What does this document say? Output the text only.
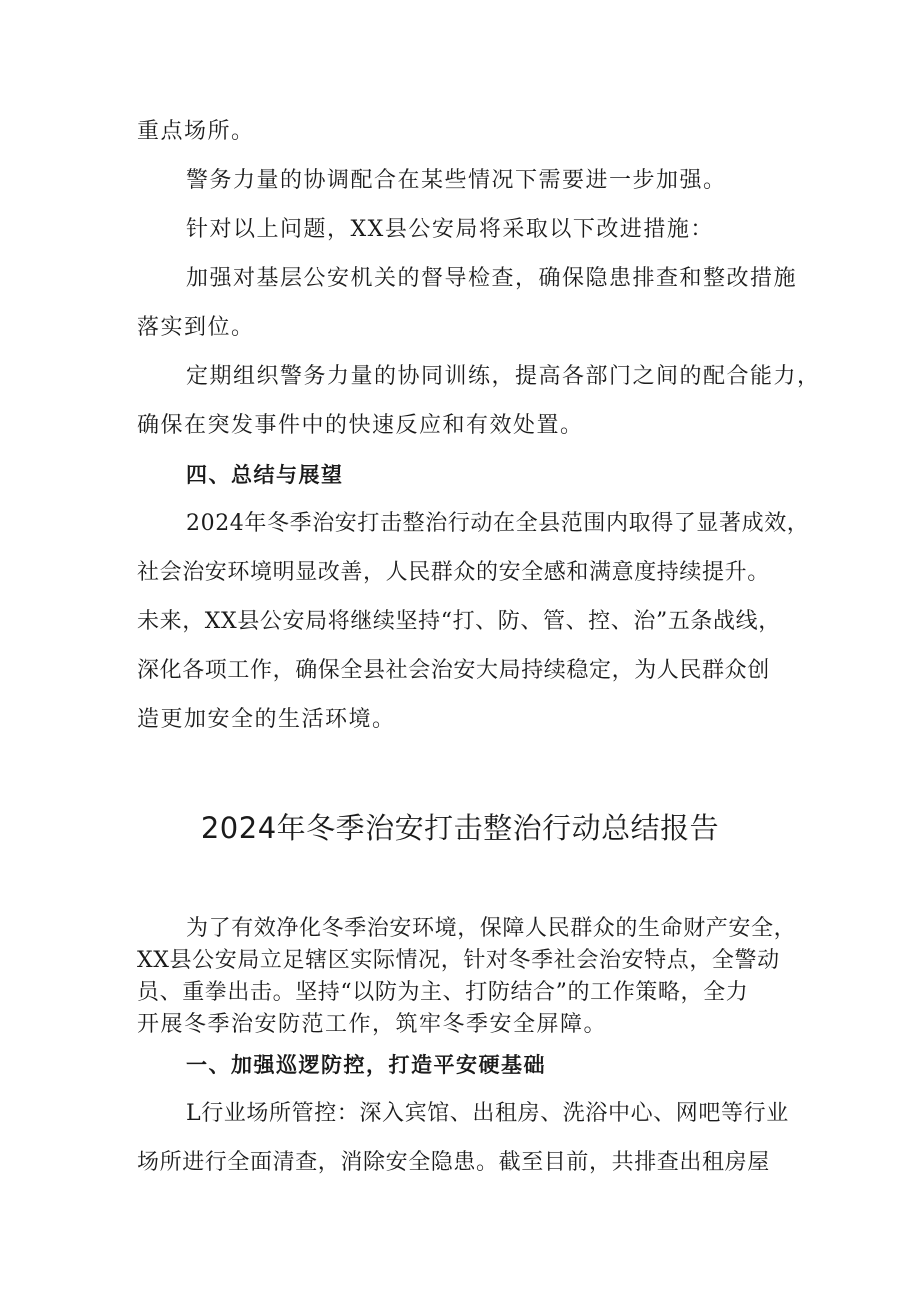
重点场所。
警务力量的协调配合在某些情况下需要进一步加强。
针对以上问题，XX县公安局将采取以下改进措施：
加强对基层公安机关的督导检查，确保隐患排查和整改措施
落实到位。
定期组织警务力量的协同训练，提高各部门之间的配合能力，
确保在突发事件中的快速反应和有效处置。
四、总结与展望
2024年冬季治安打击整治行动在全县范围内取得了显著成效，
社会治安环境明显改善，人民群众的安全感和满意度持续提升。
未来，XX县公安局将继续坚持“打、防、管、控、治”五条战线，
深化各项工作，确保全县社会治安大局持续稳定，为人民群众创
造更加安全的生活环境。
2024年冬季治安打击整治行动总结报告
为了有效净化冬季治安环境，保障人民群众的生命财产安全，
XX县公安局立足辖区实际情况，针对冬季社会治安特点，全警动
员、重拳出击。坚持“以防为主、打防结合”的工作策略，全力
开展冬季治安防范工作，筑牢冬季安全屏障。
一、加强巡逻防控，打造平安硬基础
L行业场所管控：深入宾馆、出租房、洗浴中心、网吧等行业
场所进行全面清查，消除安全隐患。截至目前，共排查出租房屋
